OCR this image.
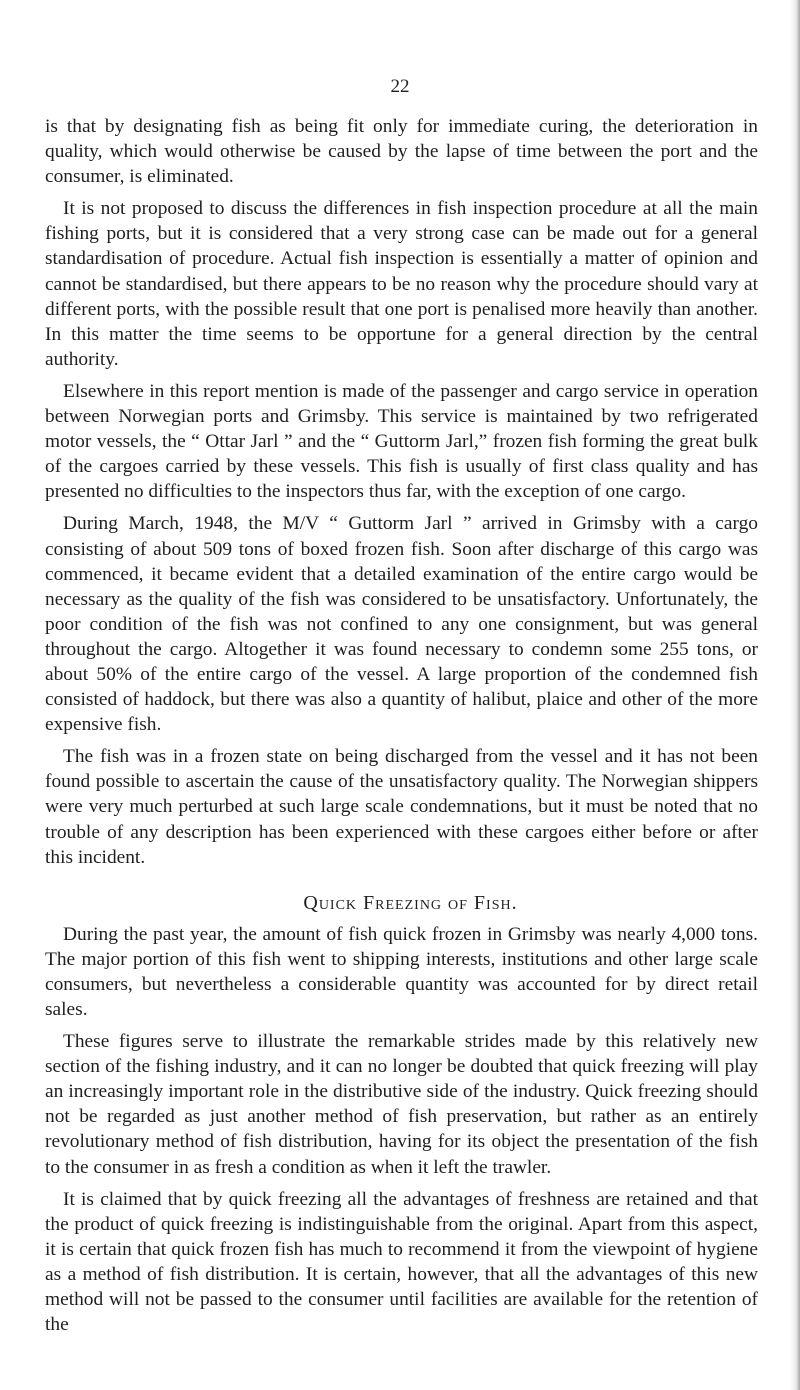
22

is that by designating fish as being fit only for immediate curing, the deterioration in quality, which would otherwise be caused by the lapse of time between the port and the consumer, is eliminated.

It is not proposed to discuss the differences in fish inspection procedure at all the main fishing ports, but it is considered that a very strong case can be made out for a general standardisation of procedure. Actual fish inspection is essentially a matter of opinion and cannot be standardised, but there appears to be no reason why the procedure should vary at different ports, with the possible result that one port is penalised more heavily than another. In this matter the time seems to be opportune for a general direction by the central authority.

Elsewhere in this report mention is made of the passenger and cargo service in operation between Norwegian ports and Grimsby. This service is maintained by two refrigerated motor vessels, the “ Ottar Jarl ” and the “ Guttorm Jarl,” frozen fish forming the great bulk of the cargoes carried by these vessels. This fish is usually of first class quality and has presented no difficulties to the inspectors thus far, with the exception of one cargo.

During March, 1948, the M/V “ Guttorm Jarl ” arrived in Grimsby with a cargo consisting of about 509 tons of boxed frozen fish. Soon after discharge of this cargo was commenced, it became evident that a detailed examination of the entire cargo would be necessary as the quality of the fish was considered to be unsatisfactory. Unfortunately, the poor condition of the fish was not confined to any one consignment, but was general throughout the cargo. Altogether it was found necessary to condemn some 255 tons, or about 50% of the entire cargo of the vessel. A large proportion of the condemned fish consisted of haddock, but there was also a quantity of halibut, plaice and other of the more expensive fish.

The fish was in a frozen state on being discharged from the vessel and it has not been found possible to ascertain the cause of the unsatisfactory quality. The Norwegian shippers were very much perturbed at such large scale condemnations, but it must be noted that no trouble of any description has been experienced with these cargoes either before or after this incident.

Quick Freezing of Fish.

During the past year, the amount of fish quick frozen in Grimsby was nearly 4,000 tons. The major portion of this fish went to shipping interests, institutions and other large scale consumers, but nevertheless a considerable quantity was accounted for by direct retail sales.

These figures serve to illustrate the remarkable strides made by this relatively new section of the fishing industry, and it can no longer be doubted that quick freezing will play an increasingly important role in the distributive side of the industry. Quick freezing should not be regarded as just another method of fish preservation, but rather as an entirely revolutionary method of fish distribution, having for its object the presentation of the fish to the consumer in as fresh a condition as when it left the trawler.

It is claimed that by quick freezing all the advantages of freshness are retained and that the product of quick freezing is indistinguishable from the original. Apart from this aspect, it is certain that quick frozen fish has much to recommend it from the viewpoint of hygiene as a method of fish distribution. It is certain, however, that all the advantages of this new method will not be passed to the consumer until facilities are available for the retention of the
